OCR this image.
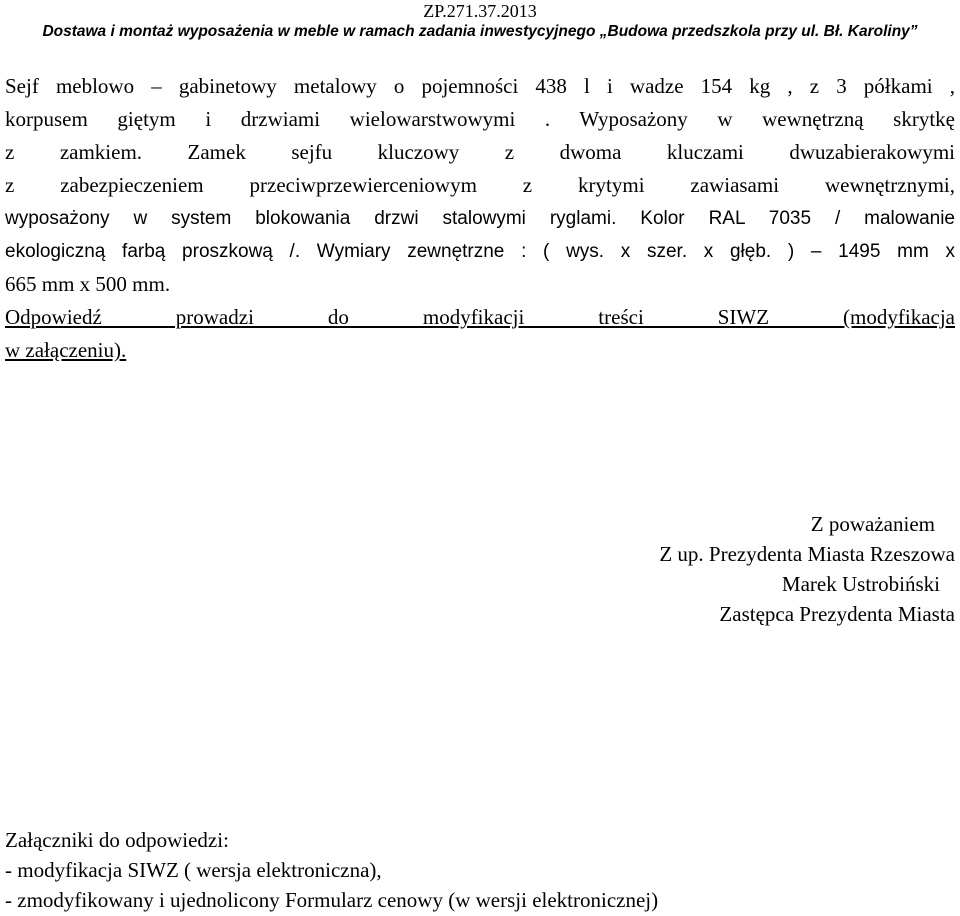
ZP.271.37.2013
Dostawa i montaż wyposażenia w meble w ramach zadania inwestycyjnego „Budowa przedszkola przy ul. Bł. Karoliny”
Sejf meblowo – gabinetowy metalowy o pojemności 438 l i wadze 154 kg , z 3 półkami ,
korpusem giętym i drzwiami wielowarstwowymi . Wyposażony w wewnętrzną skrytkę
z zamkiem. Zamek sejfu kluczowy z dwoma kluczami dwuzabierakowymi
z zabezpieczeniem przeciwprzewierceniowym z krytymi zawiasami wewnętrznymi,
wyposażony w system blokowania drzwi stalowymi ryglami. Kolor RAL 7035 / malowanie
ekologiczną farbą proszkową /. Wymiary zewnętrzne : ( wys. x szer. x głęb. ) – 1495 mm x
665 mm x 500 mm.
Odpowiedź prowadzi do modyfikacji treści SIWZ (modyfikacja
w załączeniu).
Z poważaniem
Z up. Prezydenta Miasta Rzeszowa
Marek Ustrobiński
Zastępca Prezydenta Miasta
Załączniki do odpowiedzi:
- modyfikacja SIWZ ( wersja elektroniczna),
- zmodyfikowany i ujednolicony Formularz cenowy (w wersji elektronicznej)
